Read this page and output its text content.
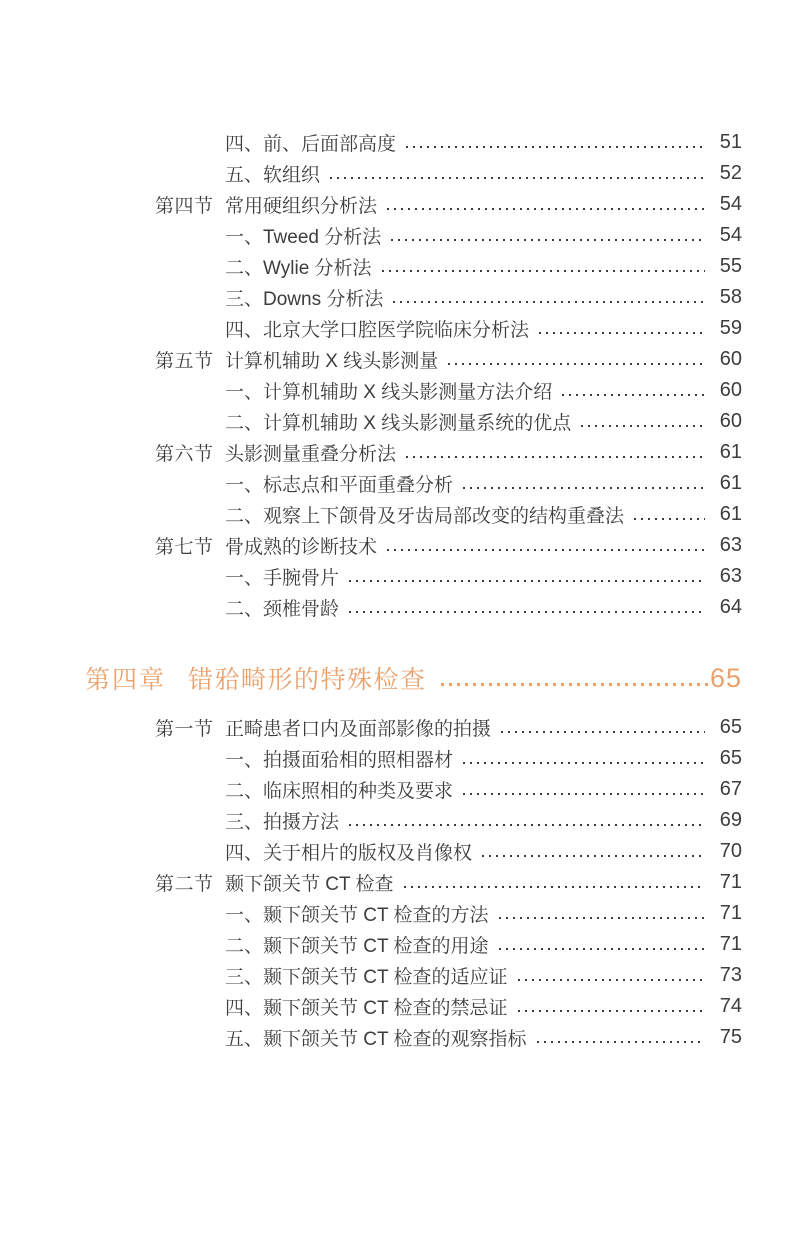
四、前、后面部高度	51
五、软组织	52
第四节 常用硬组织分析法	54
一、Tweed 分析法	54
二、Wylie 分析法	55
三、Downs 分析法	58
四、北京大学口腔医学院临床分析法	59
第五节 计算机辅助 X 线头影测量	60
一、计算机辅助 X 线头影测量方法介绍	60
二、计算机辅助 X 线头影测量系统的优点	60
第六节 头影测量重叠分析法	61
一、标志点和平面重叠分析	61
二、观察上下颌骨及牙齿局部改变的结构重叠法	61
第七节 骨成熟的诊断技术	63
一、手腕骨片	63
二、颈椎骨龄	64
第四章 错𬌗畸形的特殊检查	65
第一节 正畸患者口内及面部影像的拍摄	65
一、拍摄面𬌗相的照相器材	65
二、临床照相的种类及要求	67
三、拍摄方法	69
四、关于相片的版权及肖像权	70
第二节 颞下颌关节 CT 检查	71
一、颞下颌关节 CT 检查的方法	71
二、颞下颌关节 CT 检查的用途	71
三、颞下颌关节 CT 检查的适应证	73
四、颞下颌关节 CT 检查的禁忌证	74
五、颞下颌关节 CT 检查的观察指标	75
